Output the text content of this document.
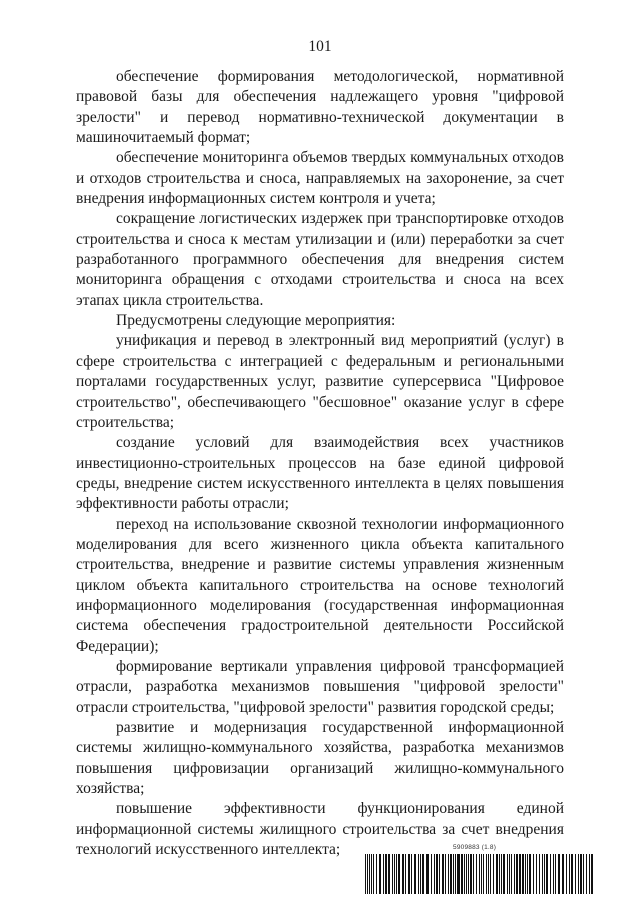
101

обеспечение формирования методологической, нормативной правовой базы для обеспечения надлежащего уровня "цифровой зрелости" и перевод нормативно-технической документации в машиночитаемый формат;

обеспечение мониторинга объемов твердых коммунальных отходов и отходов строительства и сноса, направляемых на захоронение, за счет внедрения информационных систем контроля и учета;

сокращение логистических издержек при транспортировке отходов строительства и сноса к местам утилизации и (или) переработки за счет разработанного программного обеспечения для внедрения систем мониторинга обращения с отходами строительства и сноса на всех этапах цикла строительства.

Предусмотрены следующие мероприятия:

унификация и перевод в электронный вид мероприятий (услуг) в сфере строительства с интеграцией с федеральным и региональными порталами государственных услуг, развитие суперсервиса "Цифровое строительство", обеспечивающего "бесшовное" оказание услуг в сфере строительства;

создание условий для взаимодействия всех участников инвестиционно-строительных процессов на базе единой цифровой среды, внедрение систем искусственного интеллекта в целях повышения эффективности работы отрасли;

переход на использование сквозной технологии информационного моделирования для всего жизненного цикла объекта капитального строительства, внедрение и развитие системы управления жизненным циклом объекта капитального строительства на основе технологий информационного моделирования (государственная информационная система обеспечения градостроительной деятельности Российской Федерации);

формирование вертикали управления цифровой трансформацией отрасли, разработка механизмов повышения "цифровой зрелости" отрасли строительства, "цифровой зрелости" развития городской среды;

развитие и модернизация государственной информационной системы жилищно-коммунального хозяйства, разработка механизмов повышения цифровизации организаций жилищно-коммунального хозяйства;

повышение эффективности функционирования единой информационной системы жилищного строительства за счет внедрения технологий искусственного интеллекта;	5909883 (1.8)
